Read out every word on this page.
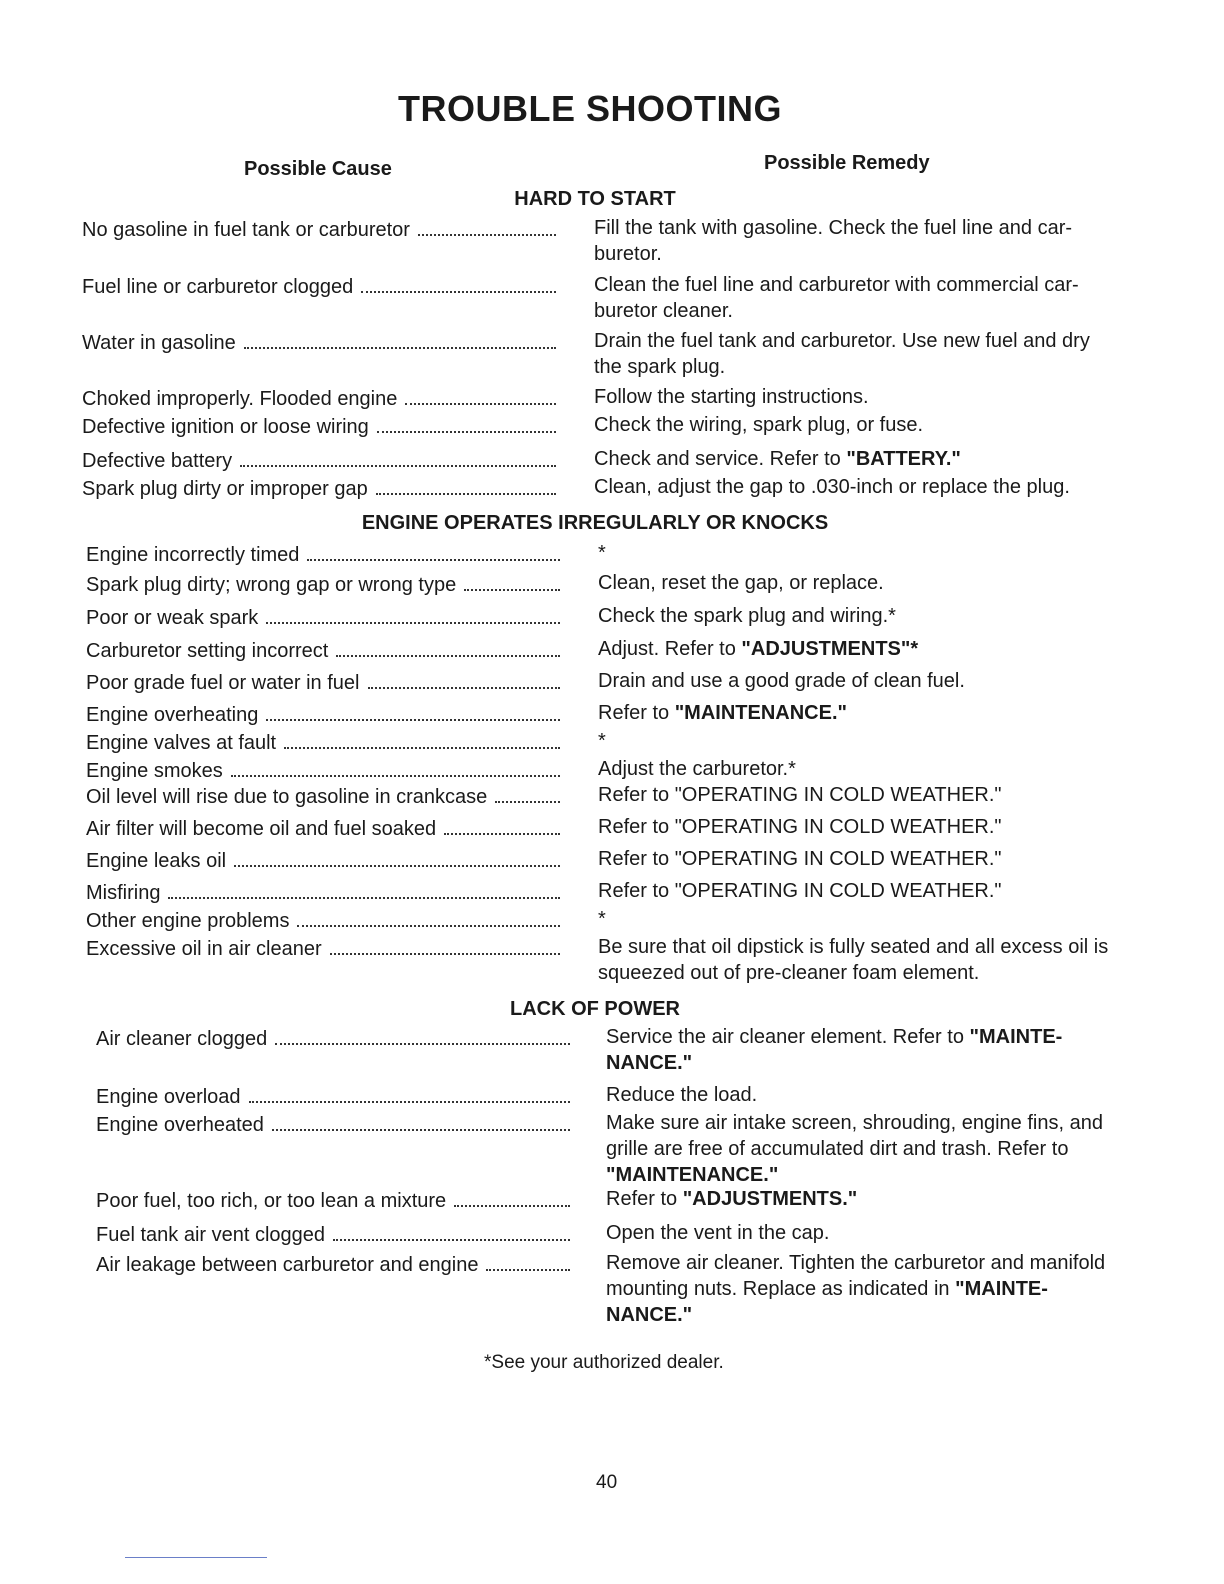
TROUBLE SHOOTING
Possible Cause	Possible Remedy
HARD TO START
No gasoline in fuel tank or carburetor	Fill the tank with gasoline. Check the fuel line and car-buretor.
Fuel line or carburetor clogged	Clean the fuel line and carburetor with commercial car-buretor cleaner.
Water in gasoline	Drain the fuel tank and carburetor. Use new fuel and dry the spark plug.
Choked improperly. Flooded engine	Follow the starting instructions.
Defective ignition or loose wiring	Check the wiring, spark plug, or fuse.
Defective battery	Check and service. Refer to "BATTERY."
Spark plug dirty or improper gap	Clean, adjust the gap to .030-inch or replace the plug.
ENGINE OPERATES IRREGULARLY OR KNOCKS
Engine incorrectly timed	*
Spark plug dirty; wrong gap or wrong type	Clean, reset the gap, or replace.
Poor or weak spark	Check the spark plug and wiring.*
Carburetor setting incorrect	Adjust. Refer to "ADJUSTMENTS"*
Poor grade fuel or water in fuel	Drain and use a good grade of clean fuel.
Engine overheating	Refer to "MAINTENANCE."
Engine valves at fault	*
Engine smokes	Adjust the carburetor.*
Oil level will rise due to gasoline in crankcase	Refer to "OPERATING IN COLD WEATHER."
Air filter will become oil and fuel soaked	Refer to "OPERATING IN COLD WEATHER."
Engine leaks oil	Refer to "OPERATING IN COLD WEATHER."
Misfiring	Refer to "OPERATING IN COLD WEATHER."
Other engine problems	*
Excessive oil in air cleaner	Be sure that oil dipstick is fully seated and all excess oil is squeezed out of pre-cleaner foam element.
LACK OF POWER
Air cleaner clogged	Service the air cleaner element. Refer to "MAINTE-NANCE."
Engine overload	Reduce the load.
Engine overheated	Make sure air intake screen, shrouding, engine fins, and grille are free of accumulated dirt and trash. Refer to "MAINTENANCE."
Poor fuel, too rich, or too lean a mixture	Refer to "ADJUSTMENTS."
Fuel tank air vent clogged	Open the vent in the cap.
Air leakage between carburetor and engine	Remove air cleaner. Tighten the carburetor and manifold mounting nuts. Replace as indicated in "MAINTE-NANCE."
*See your authorized dealer.
40
